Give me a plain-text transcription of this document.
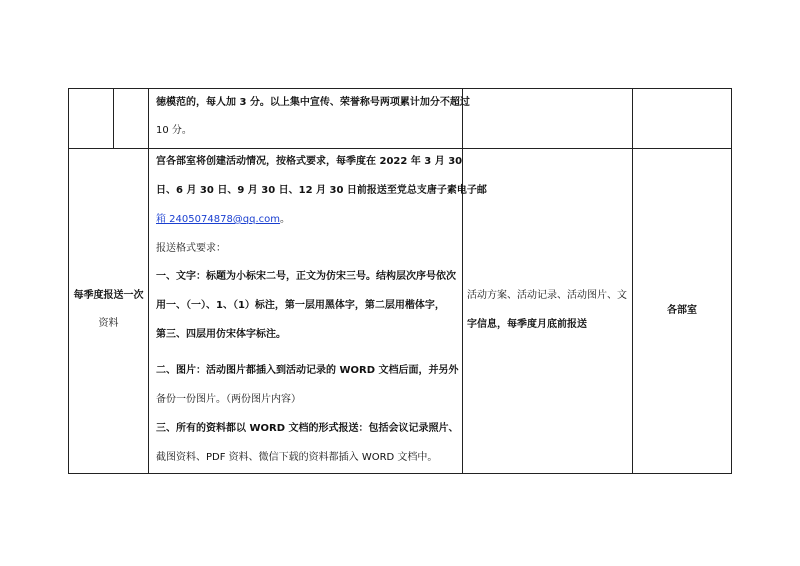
徳模范的，每人加 3 分。以上集中宣传、荣誉称号两项累计加分不超过
10 分。
每季度报送一次
资料
宫各部室将创建活动情况，按格式要求，每季度在 2022 年 3 月 30
日、6 月 30 日、9 月 30 日、12 月 30 日前报送至党总支唐子素电子邮
箱 2405074878@qq.com。
报送格式要求：
一、文字：标题为小标宋二号，正文为仿宋三号。结构层次序号依次
用一、（一）、1、（1）标注，第一层用黑体字，第二层用楷体字，
第三、四层用仿宋体字标注。
二、图片：活动图片都插入到活动记录的 WORD 文档后面，并另外
备份一份图片。（两份图片内容）
三、所有的资料都以 WORD 文档的形式报送：包括会议记录照片、
截图资料、PDF 资料、微信下载的资料都插入 WORD 文档中。
活动方案、活动记录、活动图片、文
字信息，每季度月底前报送
各部室
